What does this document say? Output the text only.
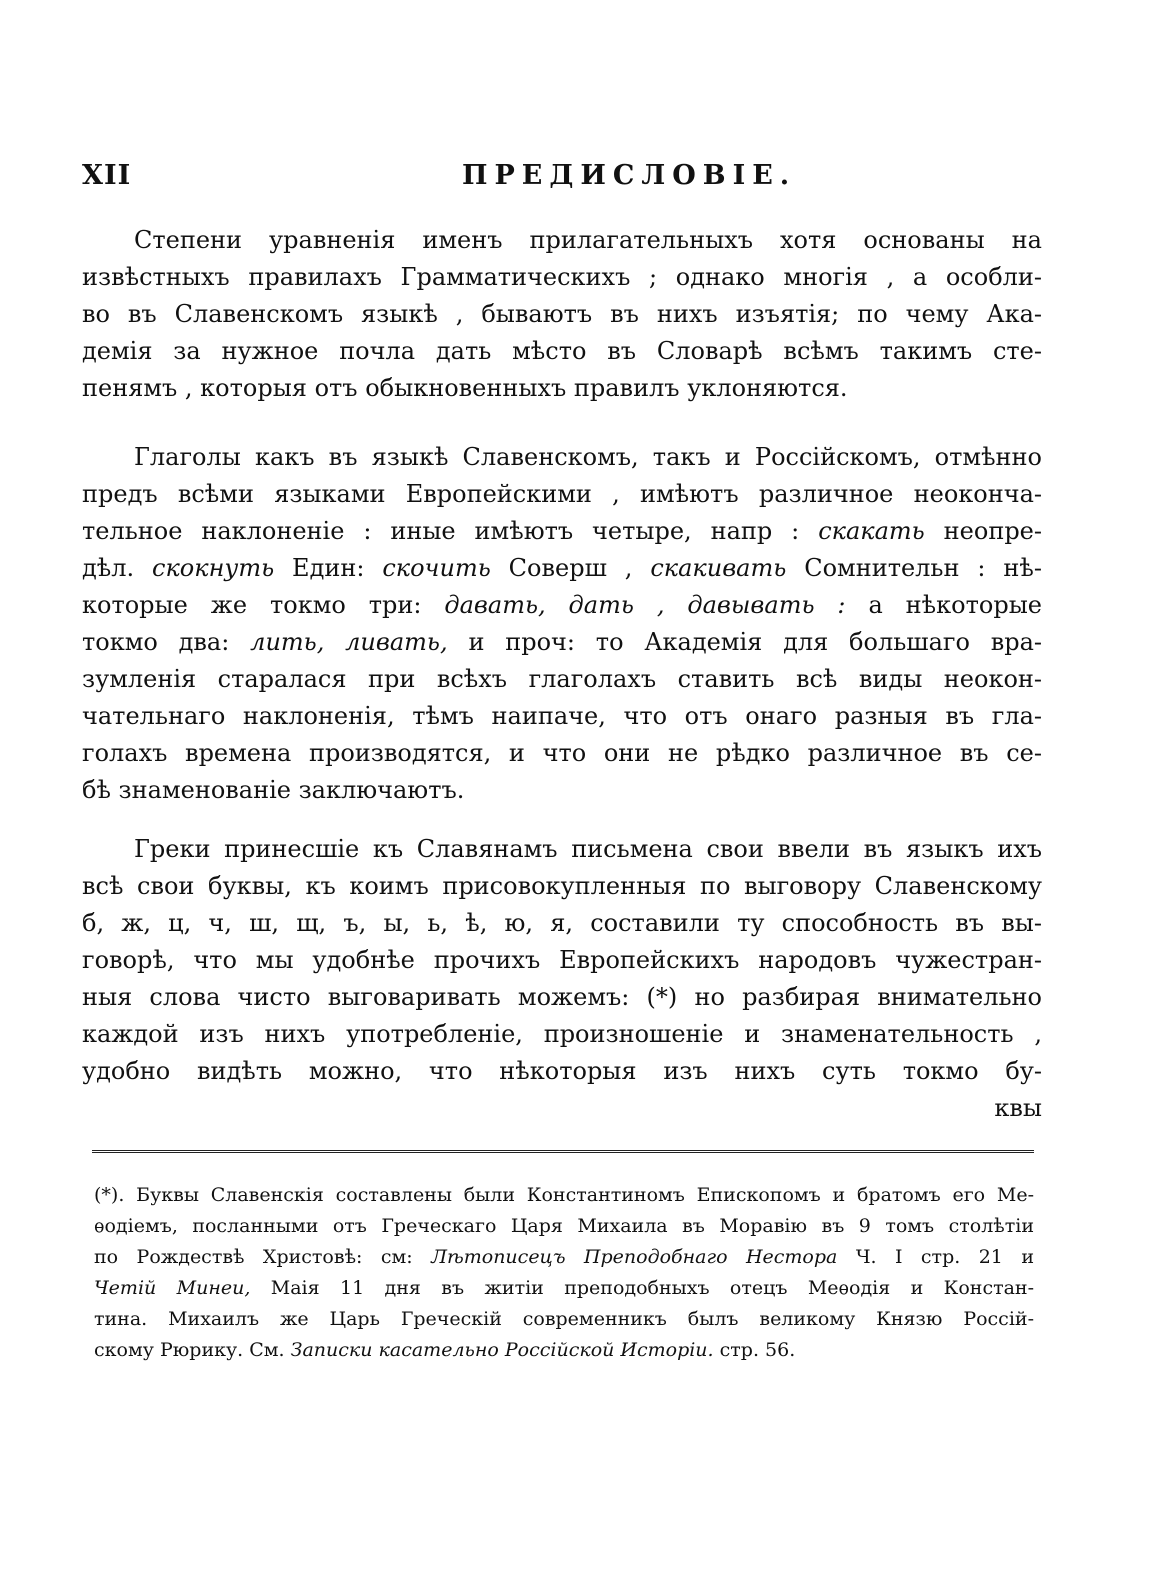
XII	ПРЕДИСЛОВІЕ.
Степени уравненія именъ прилагательныхъ хотя основаны на
извѣстныхъ правилахъ Грамматическихъ ; однако многія , а особли-
во въ Славенскомъ языкѣ , бываютъ въ нихъ изъятія; по чему Ака-
демія за нужное почла дать мѣсто въ Словарѣ всѣмъ такимъ сте-
пенямъ , которыя отъ обыкновенныхъ правилъ уклоняются.
Глаголы какъ въ языкѣ Славенскомъ, такъ и Россійскомъ, отмѣнно
предъ всѣми языками Европейскими , имѣютъ различное неоконча-
тельное наклоненіе : иные имѣютъ четыре, напр : скакать неопре-
дѣл. скокнуть Един: скочить Соверш , скакивать Сомнительн : нѣ-
которые же токмо три: давать, дать , давывать : а нѣкоторые
токмо два: лить, ливать, и проч: то Академія для большаго вра-
зумленія старалася при всѣхъ глаголахъ ставить всѣ виды неокон-
чательнаго наклоненія, тѣмъ наипаче, что отъ онаго разныя въ гла-
голахъ времена производятся, и что они не рѣдко различное въ се-
бѣ знаменованіе заключаютъ.
Греки принесшіе къ Славянамъ письмена свои ввели въ языкъ ихъ
всѣ свои буквы, къ коимъ присовокупленныя по выговору Славенскому
б, ж, ц, ч, ш, щ, ъ, ы, ь, ѣ, ю, я, составили ту способность въ вы-
говорѣ, что мы удобнѣе прочихъ Европейскихъ народовъ чужестран-
ныя слова чисто выговаривать можемъ: (*) но разбирая внимательно
каждой изъ нихъ употребленіе, произношеніе и знаменательность ,
удобно видѣть можно, что нѣкоторыя изъ нихъ суть токмо бу-
квы
(*). Буквы Славенскія составлены были Константиномъ Епископомъ и братомъ его Ме-
ѳодіемъ, посланными отъ Греческаго Царя Михаила въ Моравію въ 9 томъ столѣтіи
по Рождествѣ Христовѣ: см: Лѣтописецъ Преподобнаго Нестора Ч. I стр. 21 и
Четій Минеи, Маія 11 дня въ житіи преподобныхъ отецъ Меѳодія и Констан-
тина. Михаилъ же Царь Греческій современникъ былъ великому Князю Россій-
скому Рюрику. См. Записки касательно Россійской Исторіи. стр. 56.
